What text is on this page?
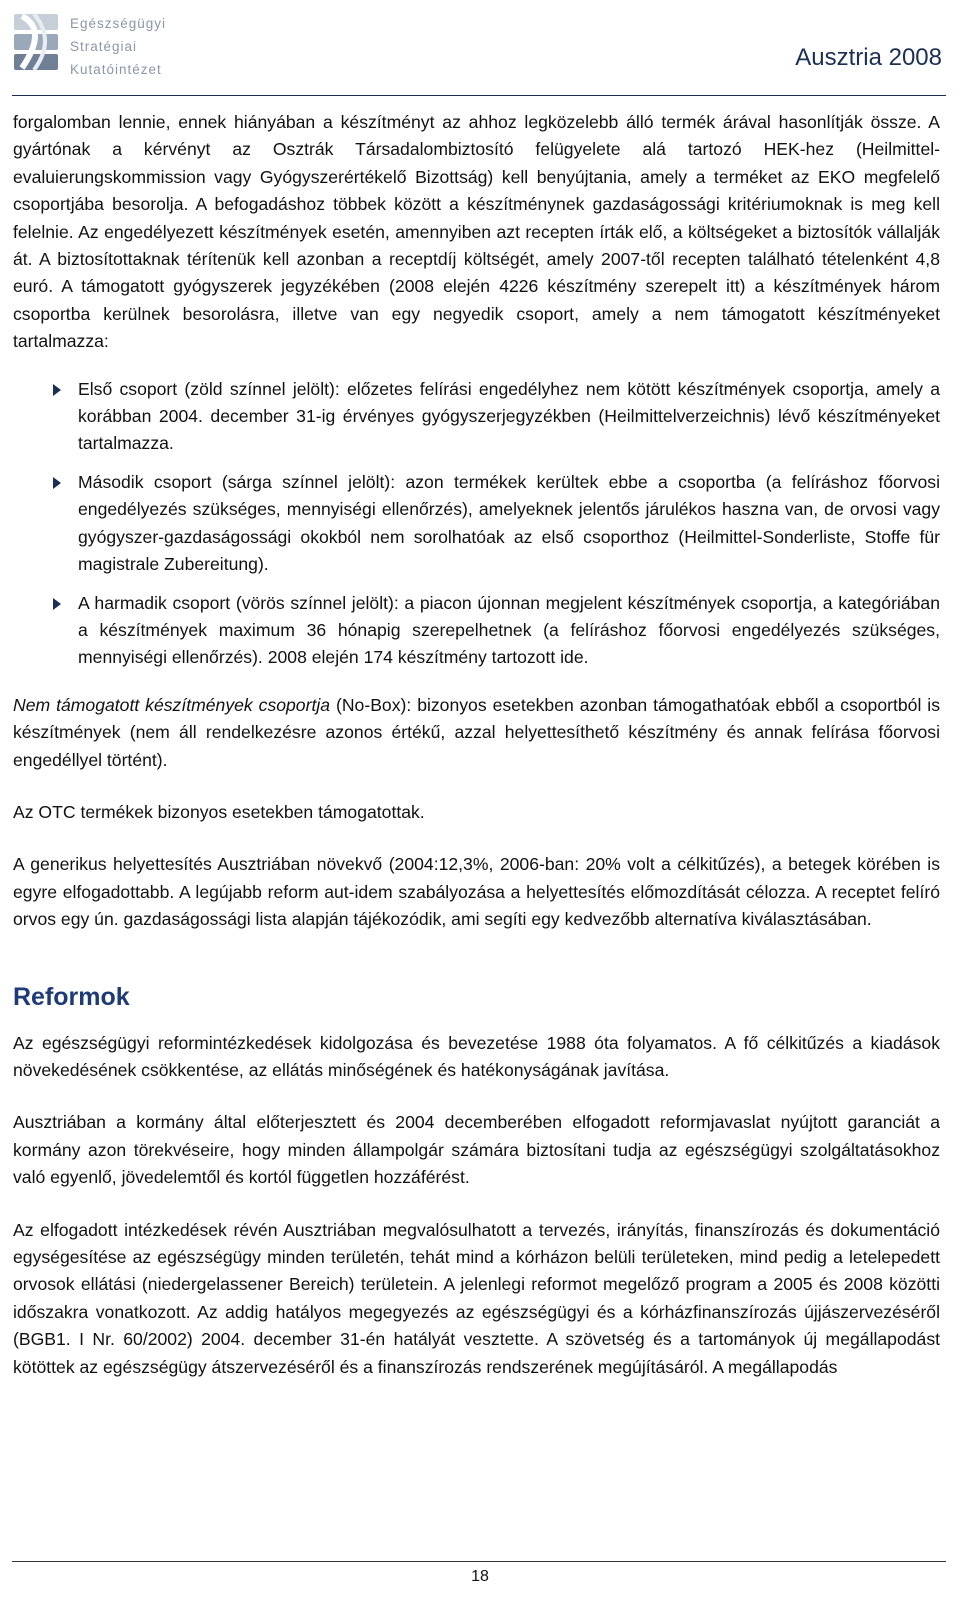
Egészségügyi
Stratégiai
Kutatóintézet	Ausztria 2008

forgalomban lennie, ennek hiányában a készítményt az ahhoz legközelebb álló termék árával hasonlítják össze. A gyártónak a kérvényt az Osztrák Társadalombiztosító felügyelete alá tartozó HEK-hez (Heilmittel-evaluierungskommission vagy Gyógyszerértékelő Bizottság) kell benyújtania, amely a terméket az EKO megfelelő csoportjába besorolja. A befogadáshoz többek között a készítménynek gazdaságossági kritériumoknak is meg kell felelnie. Az engedélyezett készítmények esetén, amennyiben azt recepten írták elő, a költségeket a biztosítók vállalják át. A biztosítottaknak térítenük kell azonban a receptdíj költségét, amely 2007-től recepten található tételenként 4,8 euró. A támogatott gyógyszerek jegyzékében (2008 elején 4226 készítmény szerepelt itt) a készítmények három csoportba kerülnek besorolásra, illetve van egy negyedik csoport, amely a nem támogatott készítményeket tartalmazza:

Első csoport (zöld színnel jelölt): előzetes felírási engedélyhez nem kötött készítmények csoportja, amely a korábban 2004. december 31-ig érvényes gyógyszerjegyzékben (Heilmittelverzeichnis) lévő készítményeket tartalmazza.
Második csoport (sárga színnel jelölt): azon termékek kerültek ebbe a csoportba (a felíráshoz főorvosi engedélyezés szükséges, mennyiségi ellenőrzés), amelyeknek jelentős járulékos haszna van, de orvosi vagy gyógyszer-gazdaságossági okokból nem sorolhatóak az első csoporthoz (Heilmittel-Sonderliste, Stoffe für magistrale Zubereitung).
A harmadik csoport (vörös színnel jelölt): a piacon újonnan megjelent készítmények csoportja, a kategóriában a készítmények maximum 36 hónapig szerepelhetnek (a felíráshoz főorvosi engedélyezés szükséges, mennyiségi ellenőrzés). 2008 elején 174 készítmény tartozott ide.

Nem támogatott készítmények csoportja (No-Box): bizonyos esetekben azonban támogathatóak ebből a csoportból is készítmények (nem áll rendelkezésre azonos értékű, azzal helyettesíthető készítmény és annak felírása főorvosi engedéllyel történt).

Az OTC termékek bizonyos esetekben támogatottak.

A generikus helyettesítés Ausztriában növekvő (2004:12,3%, 2006-ban: 20% volt a célkitűzés), a betegek körében is egyre elfogadottabb. A legújabb reform aut-idem szabályozása a helyettesítés előmozdítását célozza. A receptet felíró orvos egy ún. gazdaságossági lista alapján tájékozódik, ami segíti egy kedvezőbb alternatíva kiválasztásában.

Reformok

Az egészségügyi reformintézkedések kidolgozása és bevezetése 1988 óta folyamatos. A fő célkitűzés a kiadások növekedésének csökkentése, az ellátás minőségének és hatékonyságának javítása.

Ausztriában a kormány által előterjesztett és 2004 decemberében elfogadott reformjavaslat nyújtott garanciát a kormány azon törekvéseire, hogy minden állampolgár számára biztosítani tudja az egészségügyi szolgáltatásokhoz való egyenlő, jövedelemtől és kortól független hozzáférést.

Az elfogadott intézkedések révén Ausztriában megvalósulhatott a tervezés, irányítás, finanszírozás és dokumentáció egységesítése az egészségügy minden területén, tehát mind a kórházon belüli területeken, mind pedig a letelepedett orvosok ellátási (niedergelassener Bereich) területein. A jelenlegi reformot megelőző program a 2005 és 2008 közötti időszakra vonatkozott. Az addig hatályos megegyezés az egészségügyi és a kórházfinanszírozás újjászervezéséről (BGB1. I Nr. 60/2002) 2004. december 31-én hatályát vesztette. A szövetség és a tartományok új megállapodást kötöttek az egészségügy átszervezéséről és a finanszírozás rendszerének megújításáról. A megállapodás

18
